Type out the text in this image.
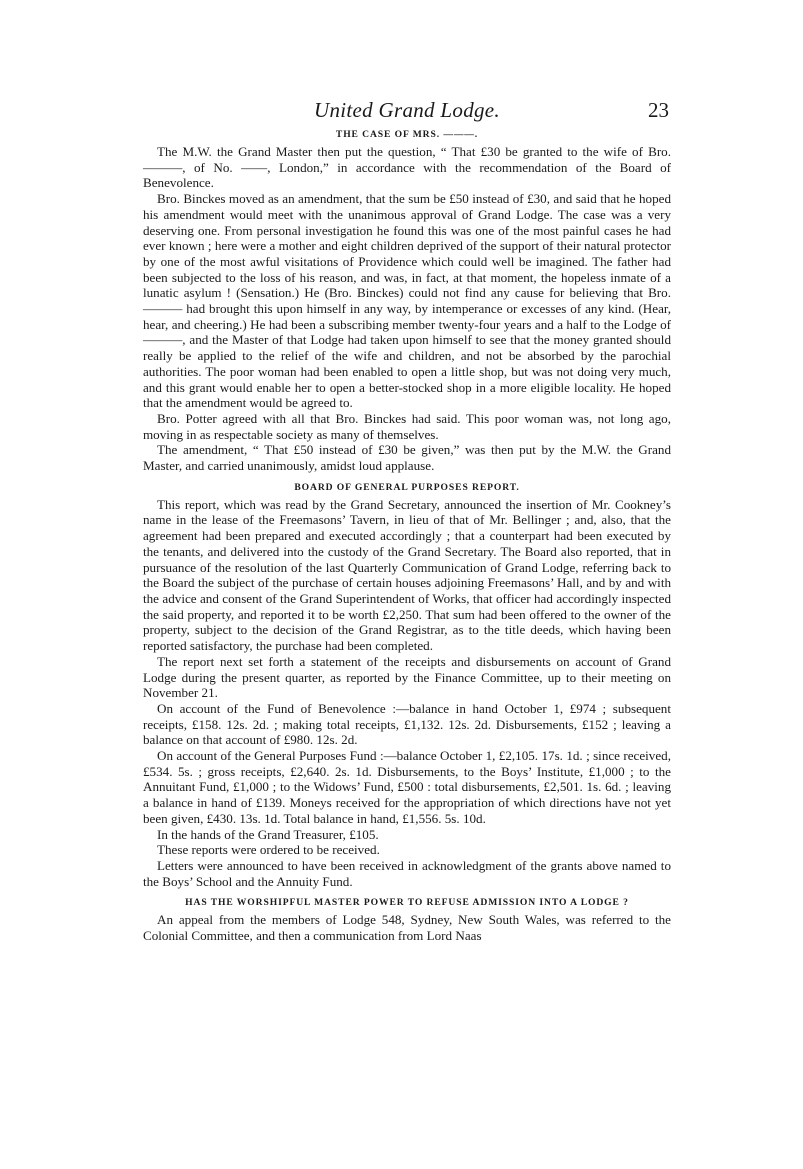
United Grand Lodge.	23
THE CASE OF MRS. ———.

The M.W. the Grand Master then put the question, “ That £30 be granted to the wife of Bro. ———, of No. ——, London,” in accordance with the recommendation of the Board of Benevolence.

Bro. Binckes moved as an amendment, that the sum be £50 instead of £30, and said that he hoped his amendment would meet with the unanimous approval of Grand Lodge. The case was a very deserving one. From personal investigation he found this was one of the most painful cases he had ever known ; here were a mother and eight children deprived of the support of their natural protector by one of the most awful visitations of Providence which could well be imagined. The father had been subjected to the loss of his reason, and was, in fact, at that moment, the hopeless inmate of a lunatic asylum ! (Sensation.) He (Bro. Binckes) could not find any cause for believing that Bro. ——— had brought this upon himself in any way, by intemperance or excesses of any kind. (Hear, hear, and cheering.) He had been a subscribing member twenty-four years and a half to the Lodge of ———, and the Master of that Lodge had taken upon himself to see that the money granted should really be applied to the relief of the wife and children, and not be absorbed by the parochial authorities. The poor woman had been enabled to open a little shop, but was not doing very much, and this grant would enable her to open a better-stocked shop in a more eligible locality. He hoped that the amendment would be agreed to.

Bro. Potter agreed with all that Bro. Binckes had said. This poor woman was, not long ago, moving in as respectable society as many of themselves.

The amendment, “ That £50 instead of £30 be given,” was then put by the M.W. the Grand Master, and carried unanimously, amidst loud applause.

BOARD OF GENERAL PURPOSES REPORT.

This report, which was read by the Grand Secretary, announced the insertion of Mr. Cookney’s name in the lease of the Freemasons’ Tavern, in lieu of that of Mr. Bellinger ; and, also, that the agreement had been prepared and executed accordingly ; that a counterpart had been executed by the tenants, and delivered into the custody of the Grand Secretary. The Board also reported, that in pursuance of the resolution of the last Quarterly Communication of Grand Lodge, referring back to the Board the subject of the purchase of certain houses adjoining Freemasons’ Hall, and by and with the advice and consent of the Grand Superintendent of Works, that officer had accordingly inspected the said property, and reported it to be worth £2,250. That sum had been offered to the owner of the property, subject to the decision of the Grand Registrar, as to the title deeds, which having been reported satisfactory, the purchase had been completed.

The report next set forth a statement of the receipts and disbursements on account of Grand Lodge during the present quarter, as reported by the Finance Committee, up to their meeting on November 21.

On account of the Fund of Benevolence :—balance in hand October 1, £974 ; subsequent receipts, £158. 12s. 2d. ; making total receipts, £1,132. 12s. 2d. Disbursements, £152 ; leaving a balance on that account of £980. 12s. 2d.

On account of the General Purposes Fund :—balance October 1, £2,105. 17s. 1d. ; since received, £534. 5s. ; gross receipts, £2,640. 2s. 1d. Disbursements, to the Boys’ Institute, £1,000 ; to the Annuitant Fund, £1,000 ; to the Widows’ Fund, £500 : total disbursements, £2,501. 1s. 6d. ; leaving a balance in hand of £139. Moneys received for the appropriation of which directions have not yet been given, £430. 13s. 1d. Total balance in hand, £1,556. 5s. 10d.

In the hands of the Grand Treasurer, £105.

These reports were ordered to be received.

Letters were announced to have been received in acknowledgment of the grants above named to the Boys’ School and the Annuity Fund.

HAS THE WORSHIPFUL MASTER POWER TO REFUSE ADMISSION INTO A LODGE ?

An appeal from the members of Lodge 548, Sydney, New South Wales, was referred to the Colonial Committee, and then a communication from Lord Naas
